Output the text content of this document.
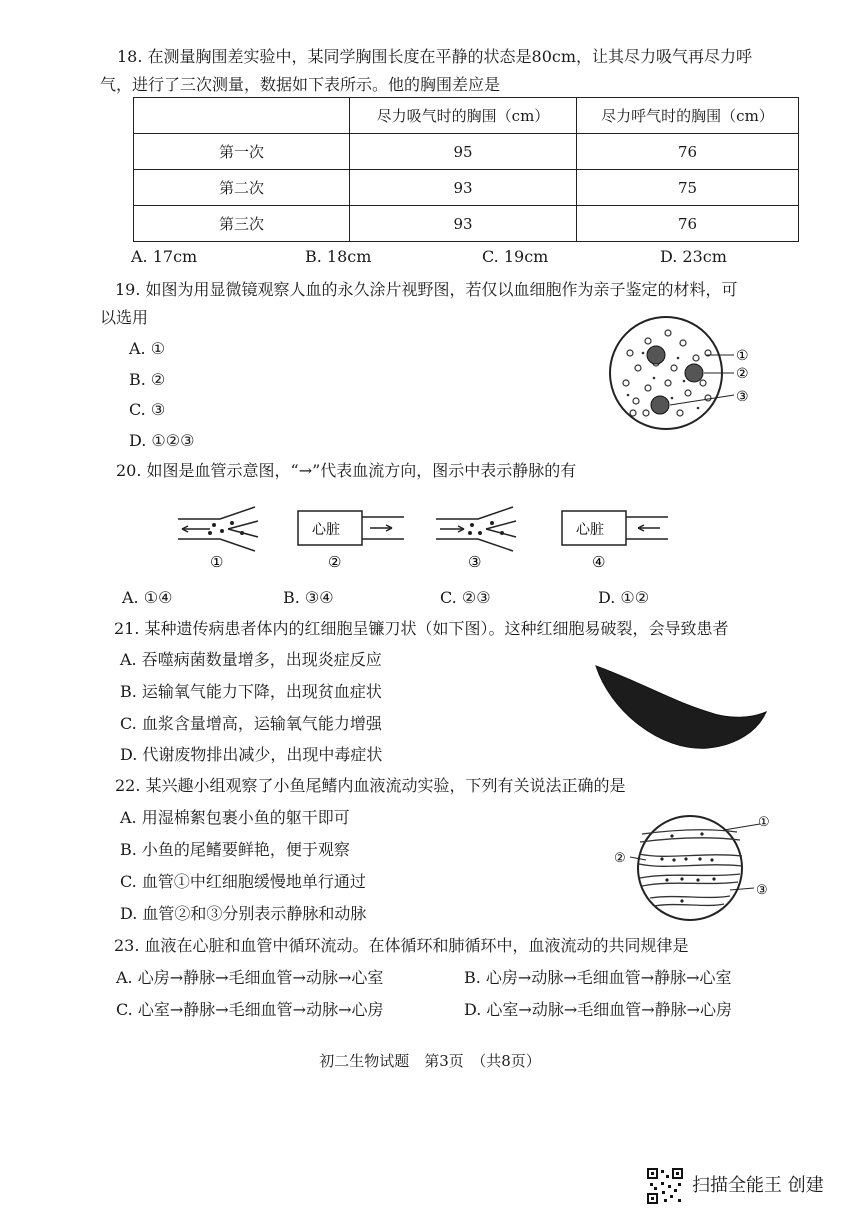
18. 在测量胸围差实验中，某同学胸围长度在平静的状态是80cm，让其尽力吸气再尽力呼
气，进行了三次测量，数据如下表所示。他的胸围差应是
	尽力吸气时的胸围（cm）	尽力呼气时的胸围（cm）
第一次	95	76
第二次	93	75
第三次	93	76
A. 17cm	B. 18cm	C. 19cm	D. 23cm
19. 如图为用显微镜观察人血的永久涂片视野图，若仅以血细胞作为亲子鉴定的材料，可
以选用
A. ①
B. ②
C. ③
D. ①②③
①
②
③
20. 如图是血管示意图，“→”代表血流方向，图示中表示静脉的有
①
心脏
②	③
心脏
④
A. ①④	B. ③④	C. ②③	D. ①②
21. 某种遗传病患者体内的红细胞呈镰刀状（如下图）。这种红细胞易破裂，会导致患者
A. 吞噬病菌数量增多，出现炎症反应
B. 运输氧气能力下降，出现贫血症状
C. 血浆含量增高，运输氧气能力增强
D. 代谢废物排出减少，出现中毒症状
22. 某兴趣小组观察了小鱼尾鳍内血液流动实验，下列有关说法正确的是
A. 用湿棉絮包裹小鱼的躯干即可
B. 小鱼的尾鳍要鲜艳，便于观察
C. 血管①中红细胞缓慢地单行通过
D. 血管②和③分别表示静脉和动脉
①
②
③
23. 血液在心脏和血管中循环流动。在体循环和肺循环中，血液流动的共同规律是
A. 心房→静脉→毛细血管→动脉→心室	B. 心房→动脉→毛细血管→静脉→心室
C. 心室→静脉→毛细血管→动脉→心房	D. 心室→动脉→毛细血管→静脉→心房
初二生物试题　第3页　（共8页）
扫描全能王 创建
